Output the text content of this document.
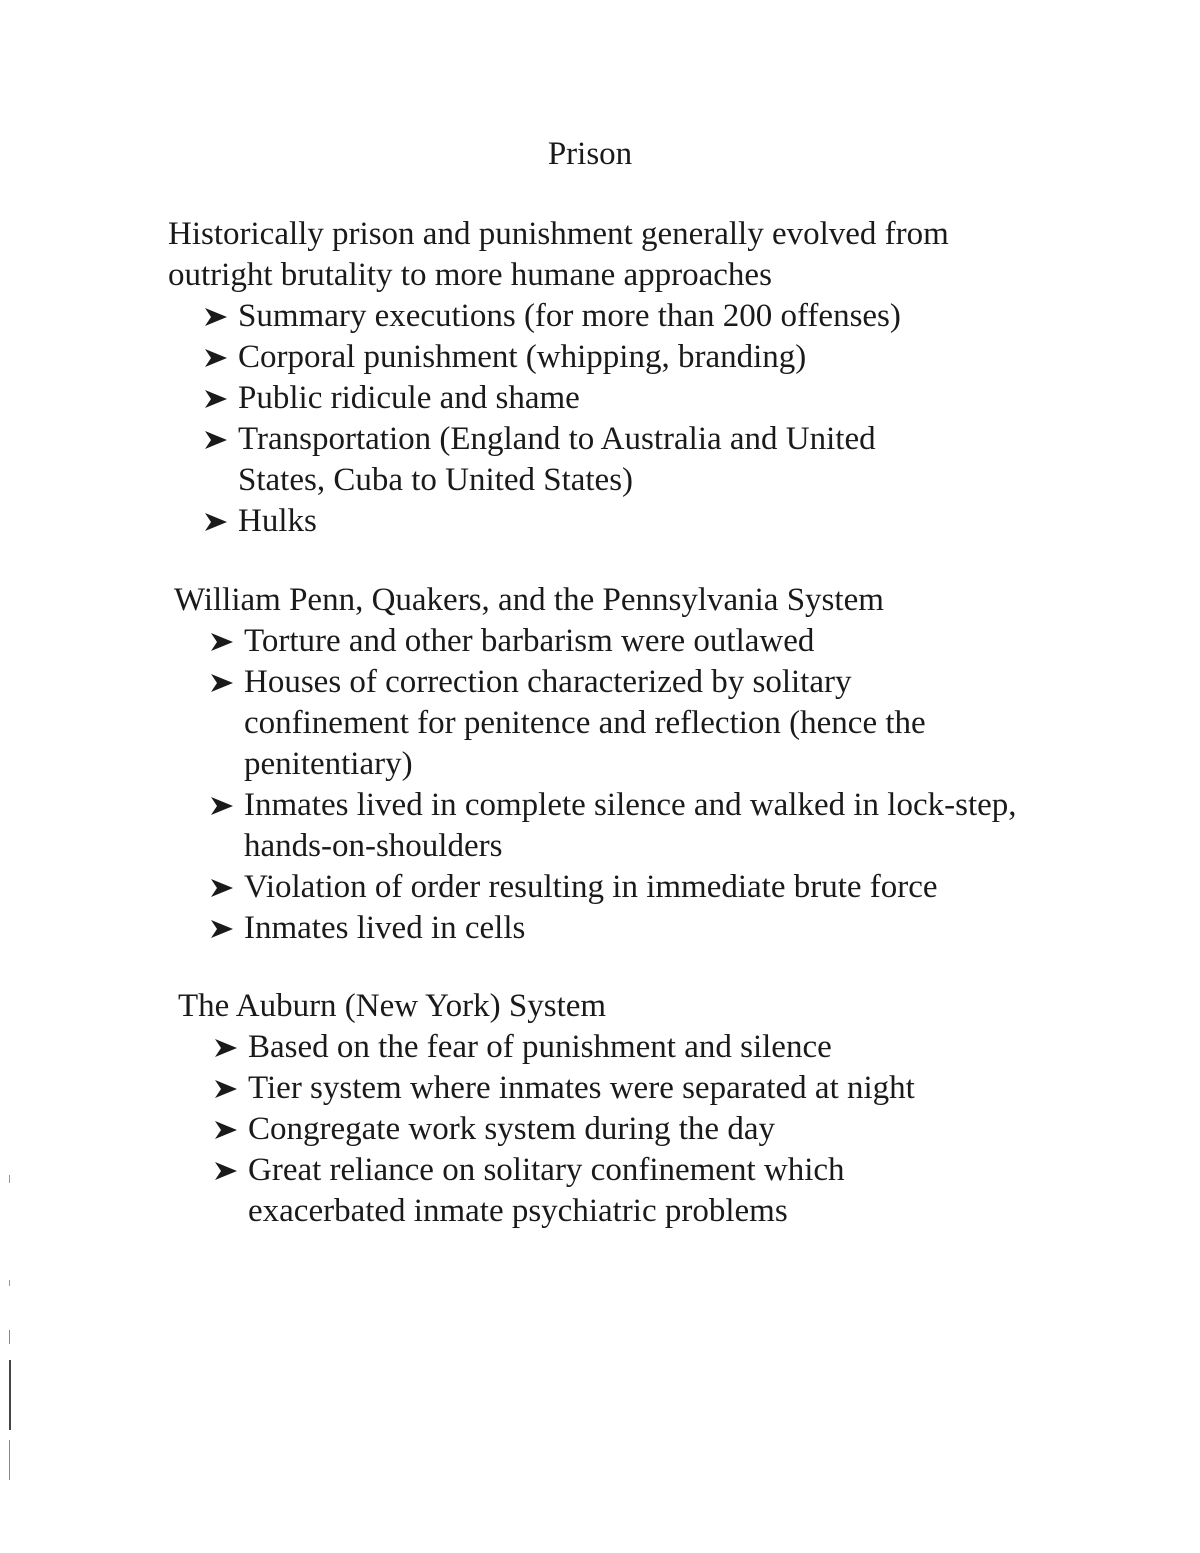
Prison
Historically prison and punishment generally evolved from outright brutality to more humane approaches
Summary executions (for more than 200 offenses)
Corporal punishment (whipping, branding)
Public ridicule and shame
Transportation (England to Australia and United States, Cuba to United States)
Hulks
William Penn, Quakers, and the Pennsylvania System
Torture and other barbarism were outlawed
Houses of correction characterized by solitary confinement for penitence and reflection (hence the penitentiary)
Inmates lived in complete silence and walked in lock-step, hands-on-shoulders
Violation of order resulting in immediate brute force
Inmates lived in cells
The Auburn (New York) System
Based on the fear of punishment and silence
Tier system where inmates were separated at night
Congregate work system during the day
Great reliance on solitary confinement which exacerbated inmate psychiatric problems
